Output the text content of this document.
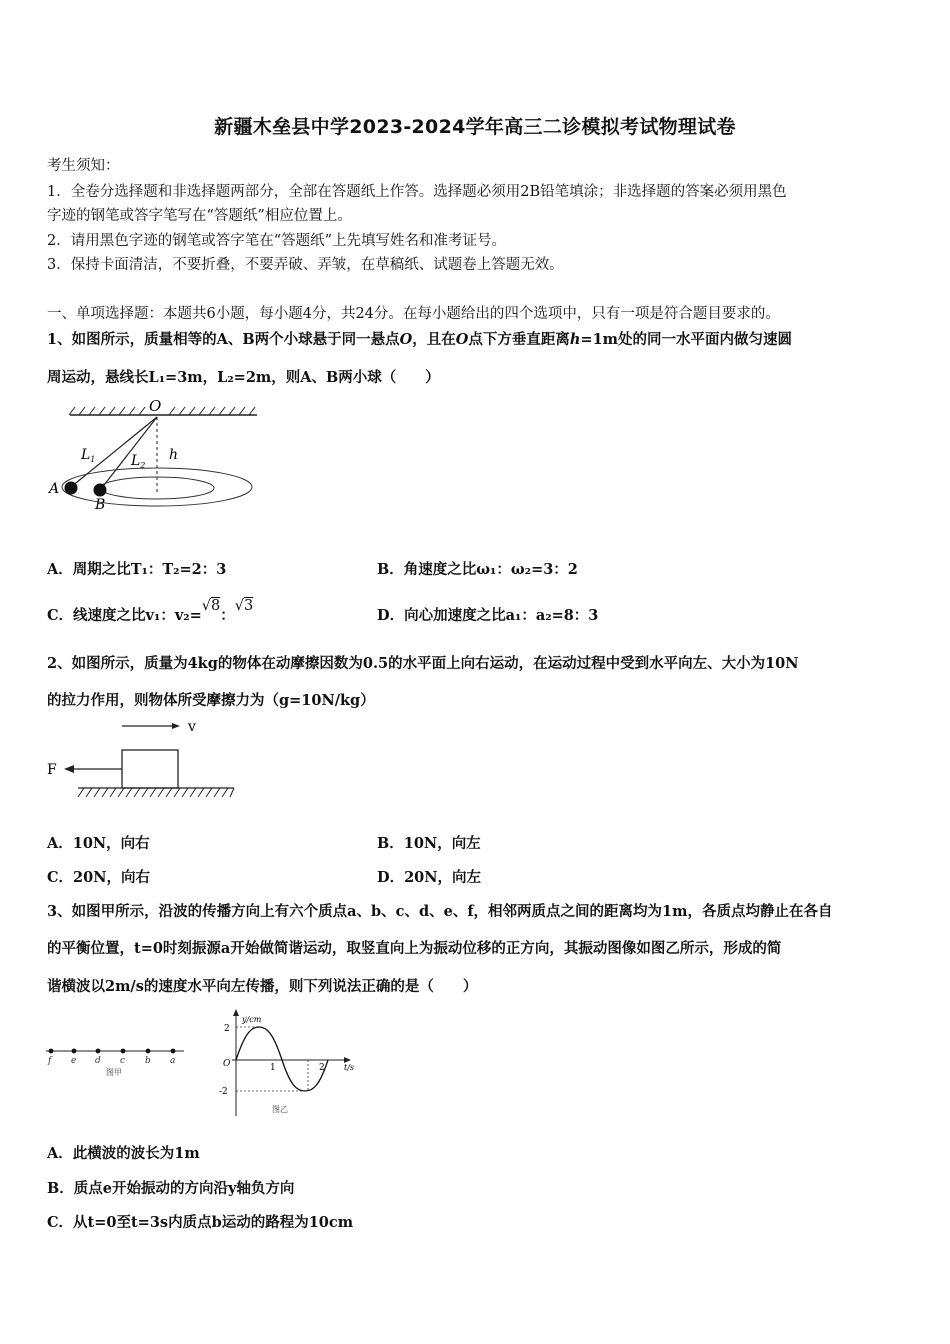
新疆木垒县中学2023-2024学年高三二诊模拟考试物理试卷
考生须知：
1．全卷分选择题和非选择题两部分，全部在答题纸上作答。选择题必须用2B铅笔填涂；非选择题的答案必须用黑色
字迹的钢笔或答字笔写在“答题纸”相应位置上。
2．请用黑色字迹的钢笔或答字笔在“答题纸”上先填写姓名和准考证号。
3．保持卡面清洁，不要折叠，不要弄破、弄皱，在草稿纸、试题卷上答题无效。
一、单项选择题：本题共6小题，每小题4分，共24分。在每小题给出的四个选项中，只有一项是符合题目要求的。
1、如图所示，质量相等的A、B两个小球悬于同一悬点O，且在O点下方垂直距离h=1m处的同一水平面内做匀速圆
周运动，悬线长L₁=3m，L₂=2m，则A、B两小球（　　）
O
$L_1$	$L_2$
h
A
B
A．周期之比T₁：T₂=2：3	B．角速度之比ω₁：ω₂=3：2
C．线速度之比v₁：v₂=√8：√3
D．向心加速度之比a₁：a₂=8：3
2、如图所示，质量为4kg的物体在动摩擦因数为0.5的水平面上向右运动，在运动过程中受到水平向左、大小为10N
的拉力作用，则物体所受摩擦力为（g=10N/kg）
v
F
A．10N，向右	B．10N，向左
C．20N，向右	D．20N，向左
3、如图甲所示，沿波的传播方向上有六个质点a、b、c、d、e、f，相邻两质点之间的距离均为1m，各质点均静止在各自
的平衡位置，t=0时刻振源a开始做简谐运动，取竖直向上为振动位移的正方向，其振动图像如图乙所示，形成的简
谐横波以2m/s的速度水平向左传播，则下列说法正确的是（　　）
f e d c b a
图甲
y/cm
t/s
2
-2
O	1	2
图乙
A．此横波的波长为1m
B．质点e开始振动的方向沿y轴负方向
C．从t=0至t=3s内质点b运动的路程为10cm
